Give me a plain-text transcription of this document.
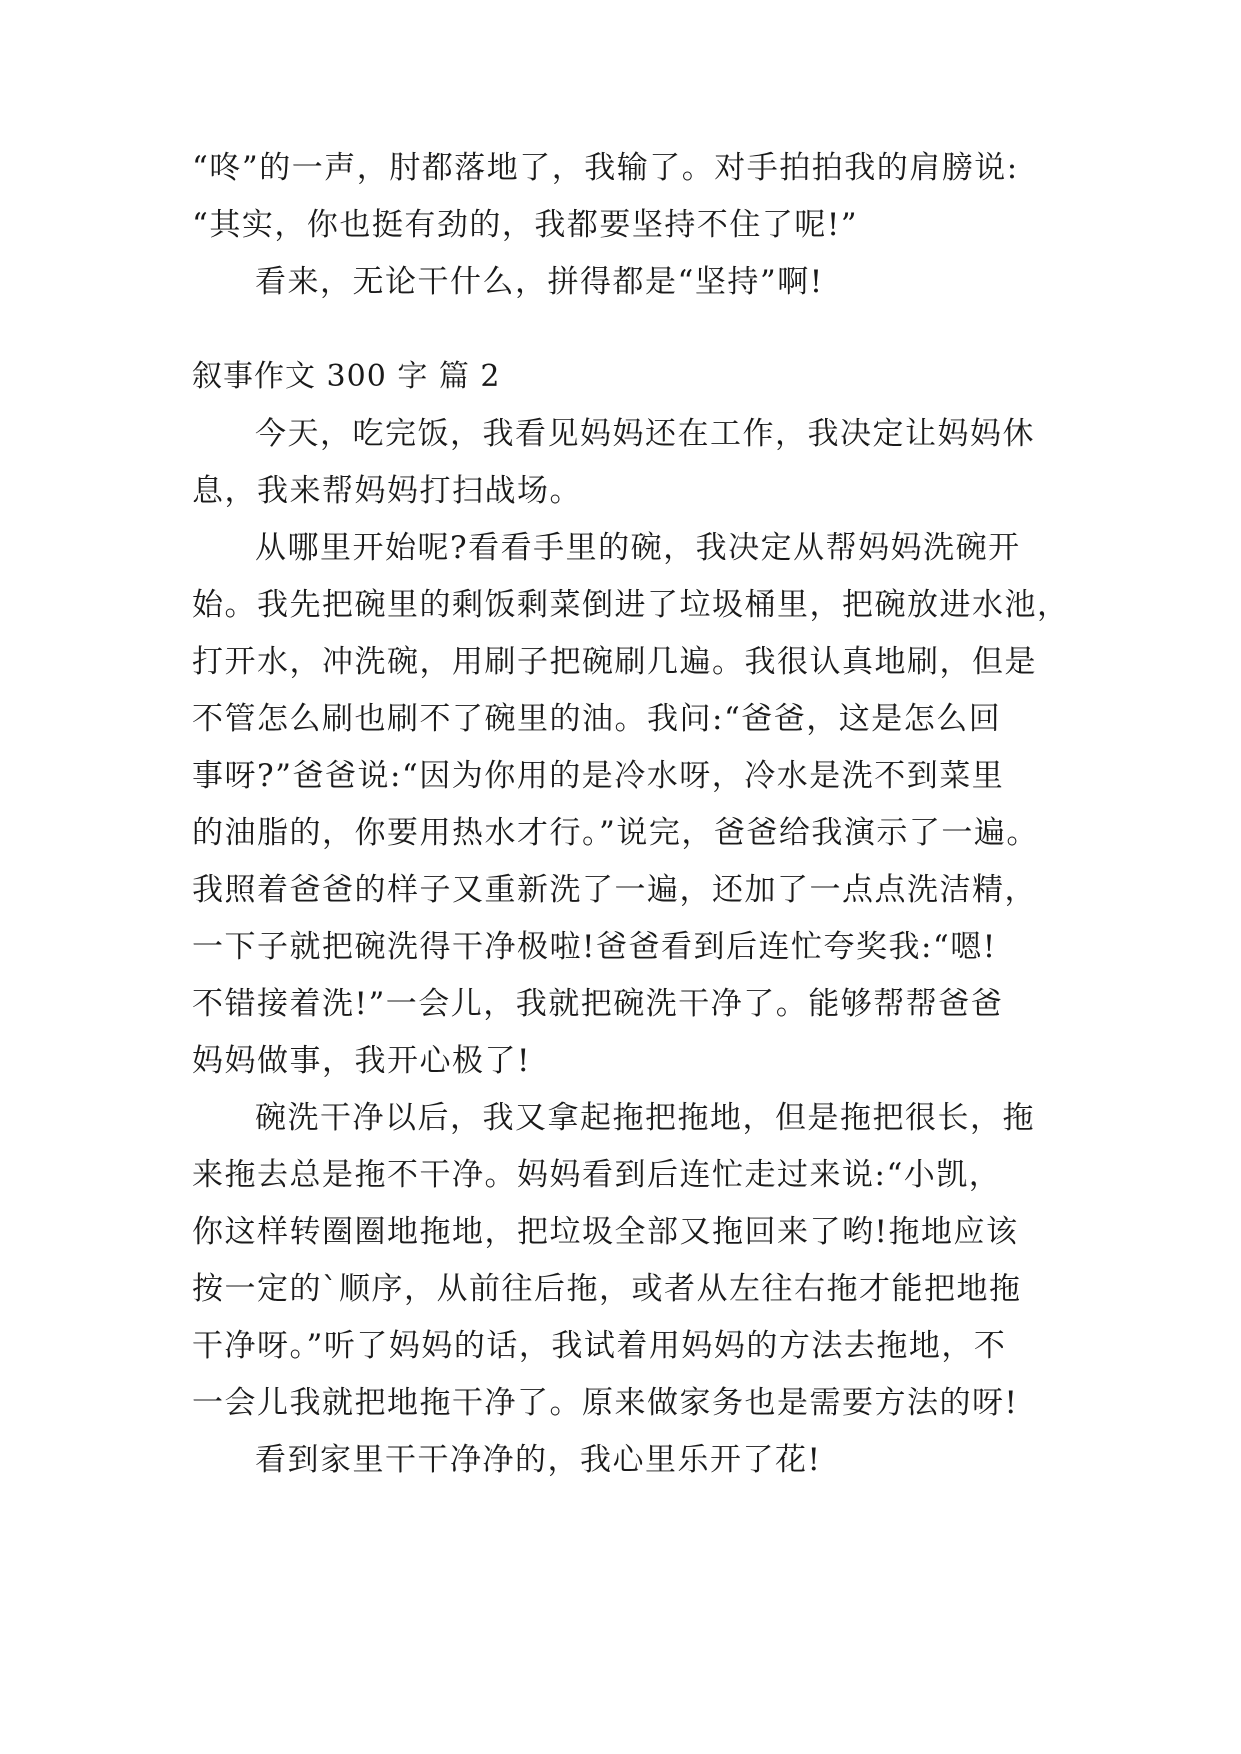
“咚”的一声，肘都落地了，我输了。对手拍拍我的肩膀说:
“其实，你也挺有劲的，我都要坚持不住了呢!”
看来，无论干什么，拼得都是“坚持”啊!
叙事作文 300 字 篇 2
今天，吃完饭，我看见妈妈还在工作，我决定让妈妈休
息，我来帮妈妈打扫战场。
从哪里开始呢?看看手里的碗，我决定从帮妈妈洗碗开
始。我先把碗里的剩饭剩菜倒进了垃圾桶里，把碗放进水池，
打开水，冲洗碗，用刷子把碗刷几遍。我很认真地刷，但是
不管怎么刷也刷不了碗里的油。我问:“爸爸，这是怎么回
事呀?”爸爸说:“因为你用的是冷水呀，冷水是洗不到菜里
的油脂的，你要用热水才行。”说完，爸爸给我演示了一遍。
我照着爸爸的样子又重新洗了一遍，还加了一点点洗洁精，
一下子就把碗洗得干净极啦!爸爸看到后连忙夸奖我:“嗯!
不错接着洗!”一会儿，我就把碗洗干净了。能够帮帮爸爸
妈妈做事，我开心极了!
碗洗干净以后，我又拿起拖把拖地，但是拖把很长，拖
来拖去总是拖不干净。妈妈看到后连忙走过来说:“小凯，
你这样转圈圈地拖地，把垃圾全部又拖回来了哟!拖地应该
按一定的`顺序，从前往后拖，或者从左往右拖才能把地拖
干净呀。”听了妈妈的话，我试着用妈妈的方法去拖地，不
一会儿我就把地拖干净了。原来做家务也是需要方法的呀!
看到家里干干净净的，我心里乐开了花!
